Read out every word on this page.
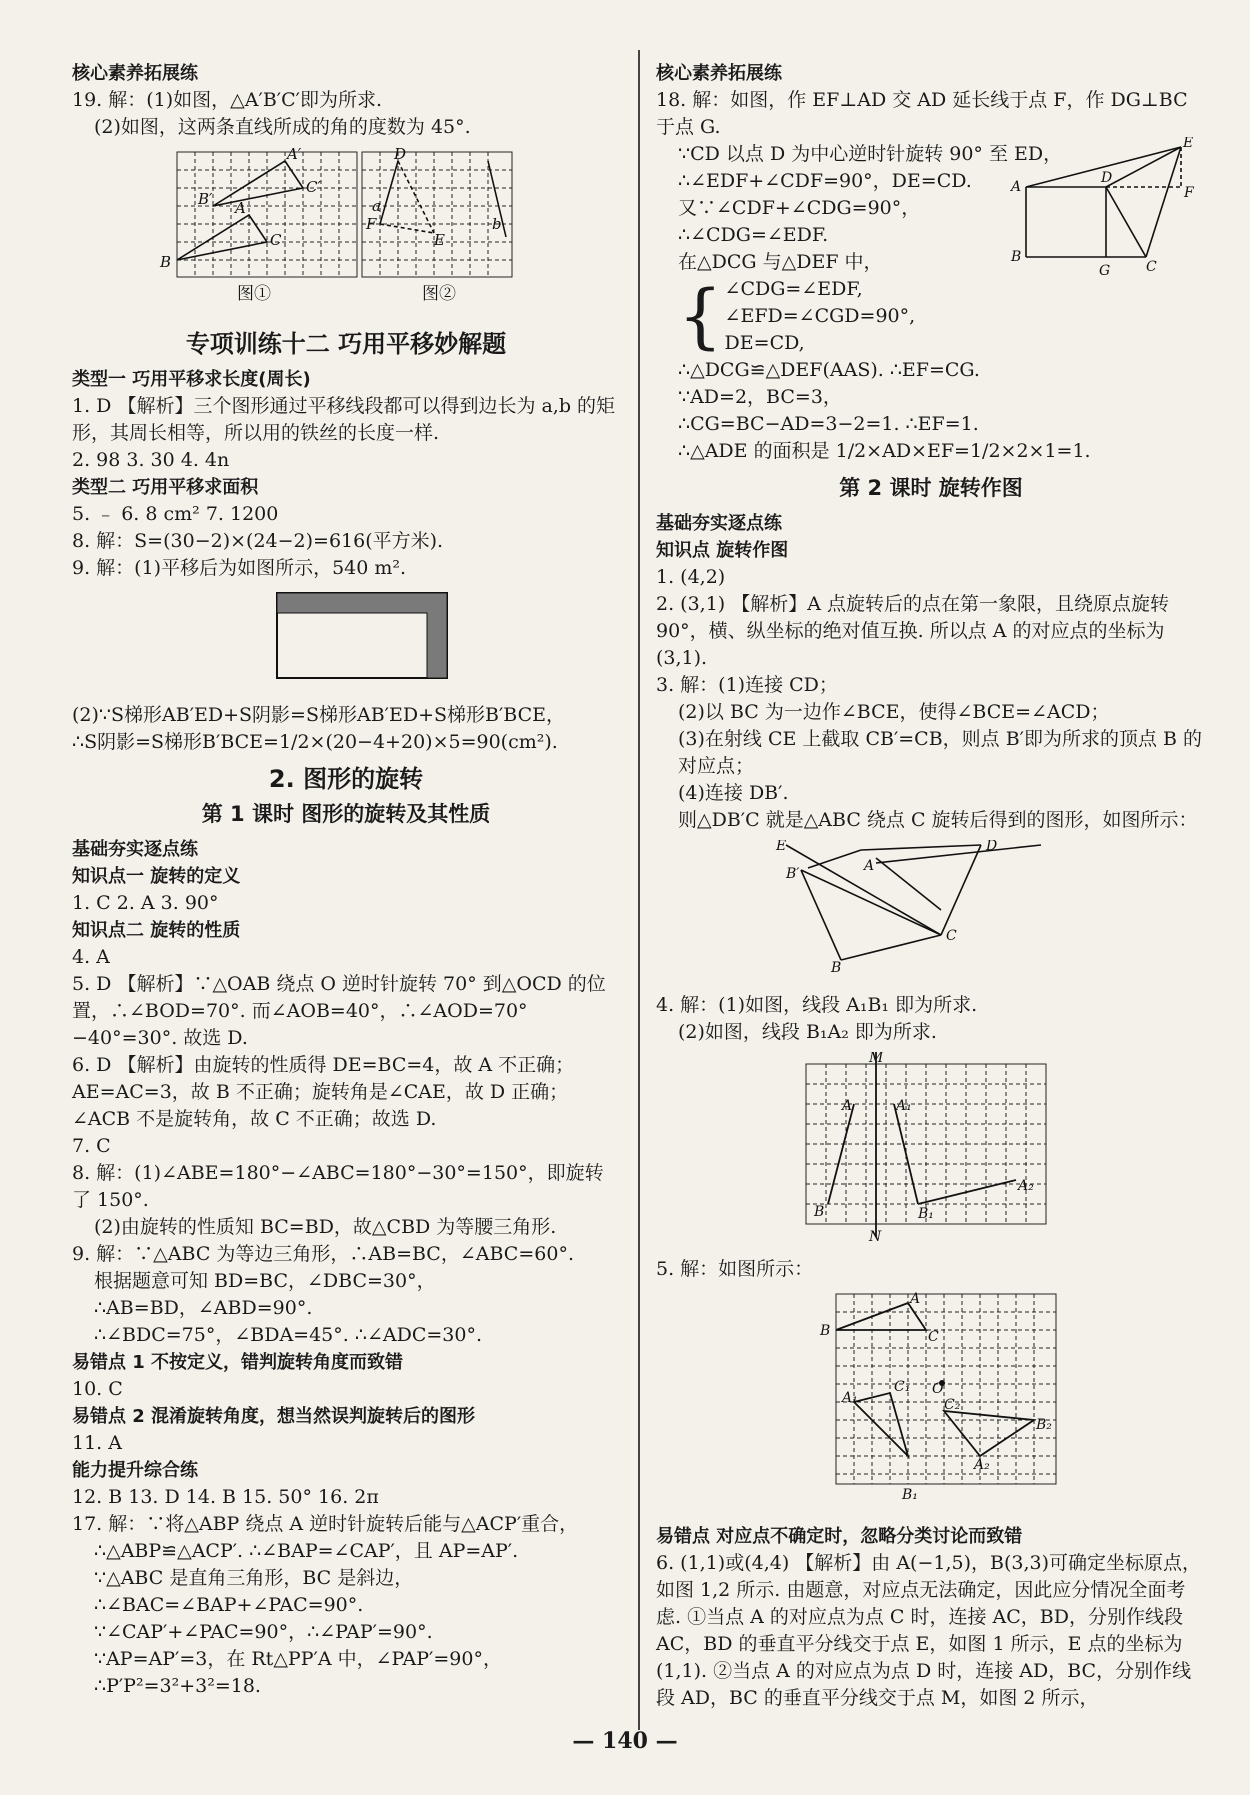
核心素养拓展练

19. 解：(1)如图，△A′B′C′即为所求.

(2)如图，这两条直线所成的角的度数为 45°.

A′
B′
C′
A
B
C
D
F
E
a
b
图①	图②

专项训练十二 巧用平移妙解题

类型一 巧用平移求长度(周长)

1. D 【解析】三个图形通过平移线段都可以得到边长为 a,b 的矩形，其周长相等，所以用的铁丝的长度一样.

2. 98 3. 30 4. 4n

类型二 巧用平移求面积

5. ﹣ 6. 8 cm² 7. 1200

8. 解：S=(30−2)×(24−2)=616(平方米).

9. 解：(1)平移后为如图所示，540 m².

(2)∵S梯形AB′ED+S阴影=S梯形AB′ED+S梯形B′BCE，

∴S阴影=S梯形B′BCE=1/2×(20−4+20)×5=90(cm²).

2. 图形的旋转

第 1 课时 图形的旋转及其性质

基础夯实逐点练

知识点一 旋转的定义

1. C 2. A 3. 90°

知识点二 旋转的性质

4. A

5. D 【解析】∵△OAB 绕点 O 逆时针旋转 70° 到△OCD 的位置，∴∠BOD=70°. 而∠AOB=40°，∴∠AOD=70°−40°=30°. 故选 D.

6. D 【解析】由旋转的性质得 DE=BC=4，故 A 不正确；AE=AC=3，故 B 不正确；旋转角是∠CAE，故 D 正确；∠ACB 不是旋转角，故 C 不正确；故选 D.

7. C

8. 解：(1)∠ABE=180°−∠ABC=180°−30°=150°，即旋转了 150°.

(2)由旋转的性质知 BC=BD，故△CBD 为等腰三角形.

9. 解：∵△ABC 为等边三角形，∴AB=BC，∠ABC=60°.

根据题意可知 BD=BC，∠DBC=30°，

∴AB=BD，∠ABD=90°.

∴∠BDC=75°，∠BDA=45°. ∴∠ADC=30°.

易错点 1 不按定义，错判旋转角度而致错

10. C

易错点 2 混淆旋转角度，想当然误判旋转后的图形

11. A

能力提升综合练

12. B 13. D 14. B 15. 50° 16. 2π

17. 解：∵将△ABP 绕点 A 逆时针旋转后能与△ACP′重合，

∴△ABP≌△ACP′. ∴∠BAP=∠CAP′，且 AP=AP′.

∵△ABC 是直角三角形，BC 是斜边，

∴∠BAC=∠BAP+∠PAC=90°.

∵∠CAP′+∠PAC=90°，∴∠PAP′=90°.

∵AP=AP′=3，在 Rt△PP′A 中，∠PAP′=90°，

∴P′P²=3²+3²=18.

核心素养拓展练

A
D
E
F
B
G	C

18. 解：如图，作 EF⊥AD 交 AD 延长线于点 F，作 DG⊥BC 于点 G.

∵CD 以点 D 为中心逆时针旋转 90° 至 ED，

∴∠EDF+∠CDF=90°，DE=CD.

又∵∠CDF+∠CDG=90°，

∴∠CDG=∠EDF.

在△DCG 与△DEF 中，

{ ∠CDG=∠EDF,

∠EFD=∠CGD=90°,

DE=CD,

∴△DCG≌△DEF(AAS). ∴EF=CG.

∵AD=2，BC=3，

∴CG=BC−AD=3−2=1. ∴EF=1.

∴△ADE 的面积是 1/2×AD×EF=1/2×2×1=1.

第 2 课时 旋转作图

基础夯实逐点练

知识点 旋转作图

1. (4,2)

2. (3,1) 【解析】A 点旋转后的点在第一象限，且绕原点旋转 90°，横、纵坐标的绝对值互换. 所以点 A 的对应点的坐标为 (3,1).

3. 解：(1)连接 CD；

(2)以 BC 为一边作∠BCE，使得∠BCE=∠ACD；

(3)在射线 CE 上截取 CB′=CB，则点 B′即为所求的顶点 B 的对应点；

(4)连接 DB′.

则△DB′C 就是△ABC 绕点 C 旋转后得到的图形，如图所示：

E	D
B′	A
C
B

4. 解：(1)如图，线段 A₁B₁ 即为所求.

(2)如图，线段 B₁A₂ 即为所求.

M
N
A	A₁
B	B₁
A₂

5. 解：如图所示：

B
A
C
O
C₁
A₁	C₂
B₂
A₂
B₁

易错点 对应点不确定时，忽略分类讨论而致错

6. (1,1)或(4,4) 【解析】由 A(−1,5)，B(3,3)可确定坐标原点，如图 1,2 所示. 由题意，对应点无法确定，因此应分情况全面考虑. ①当点 A 的对应点为点 C 时，连接 AC，BD，分别作线段 AC，BD 的垂直平分线交于点 E，如图 1 所示，E 点的坐标为(1,1). ②当点 A 的对应点为点 D 时，连接 AD，BC，分别作线段 AD，BC 的垂直平分线交于点 M，如图 2 所示，

— 140 —
